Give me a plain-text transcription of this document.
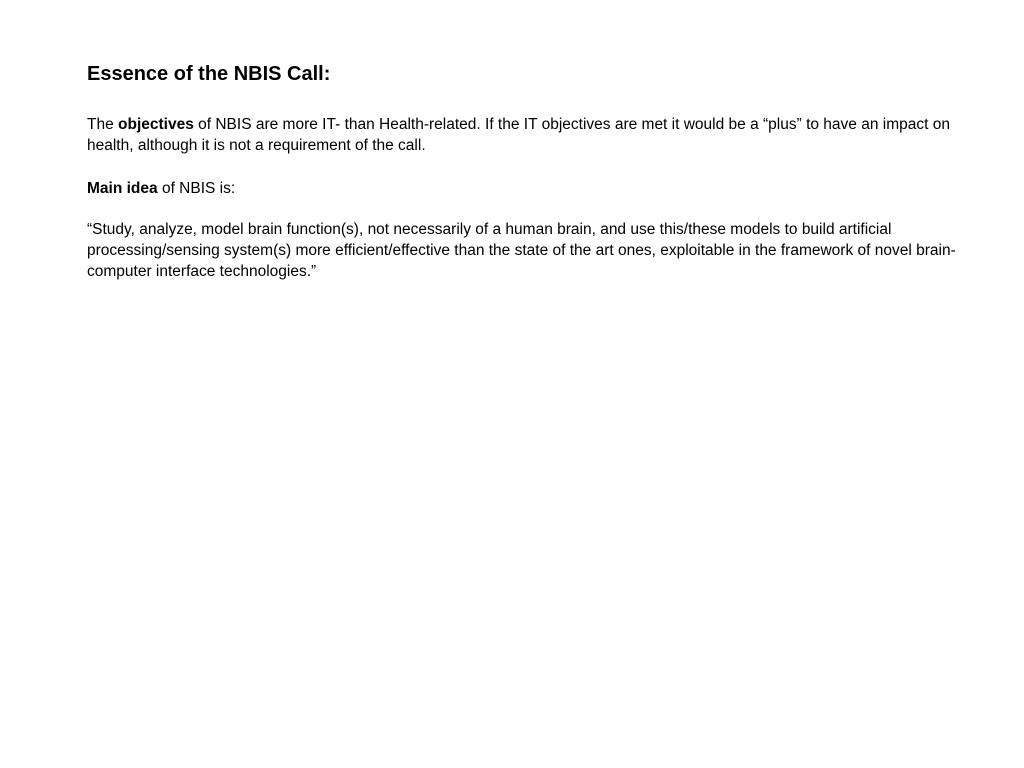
Essence of the NBIS Call:

The objectives of NBIS are more IT- than Health-related. If the IT objectives are met it would be a “plus” to have an impact on health, although it is not a requirement of the call.

Main idea of NBIS is:

“Study, analyze, model brain function(s), not necessarily of a human brain, and use this/these models to build artificial processing/sensing system(s) more efficient/effective than the state of the art ones, exploitable in the framework of novel brain-computer interface technologies.”
